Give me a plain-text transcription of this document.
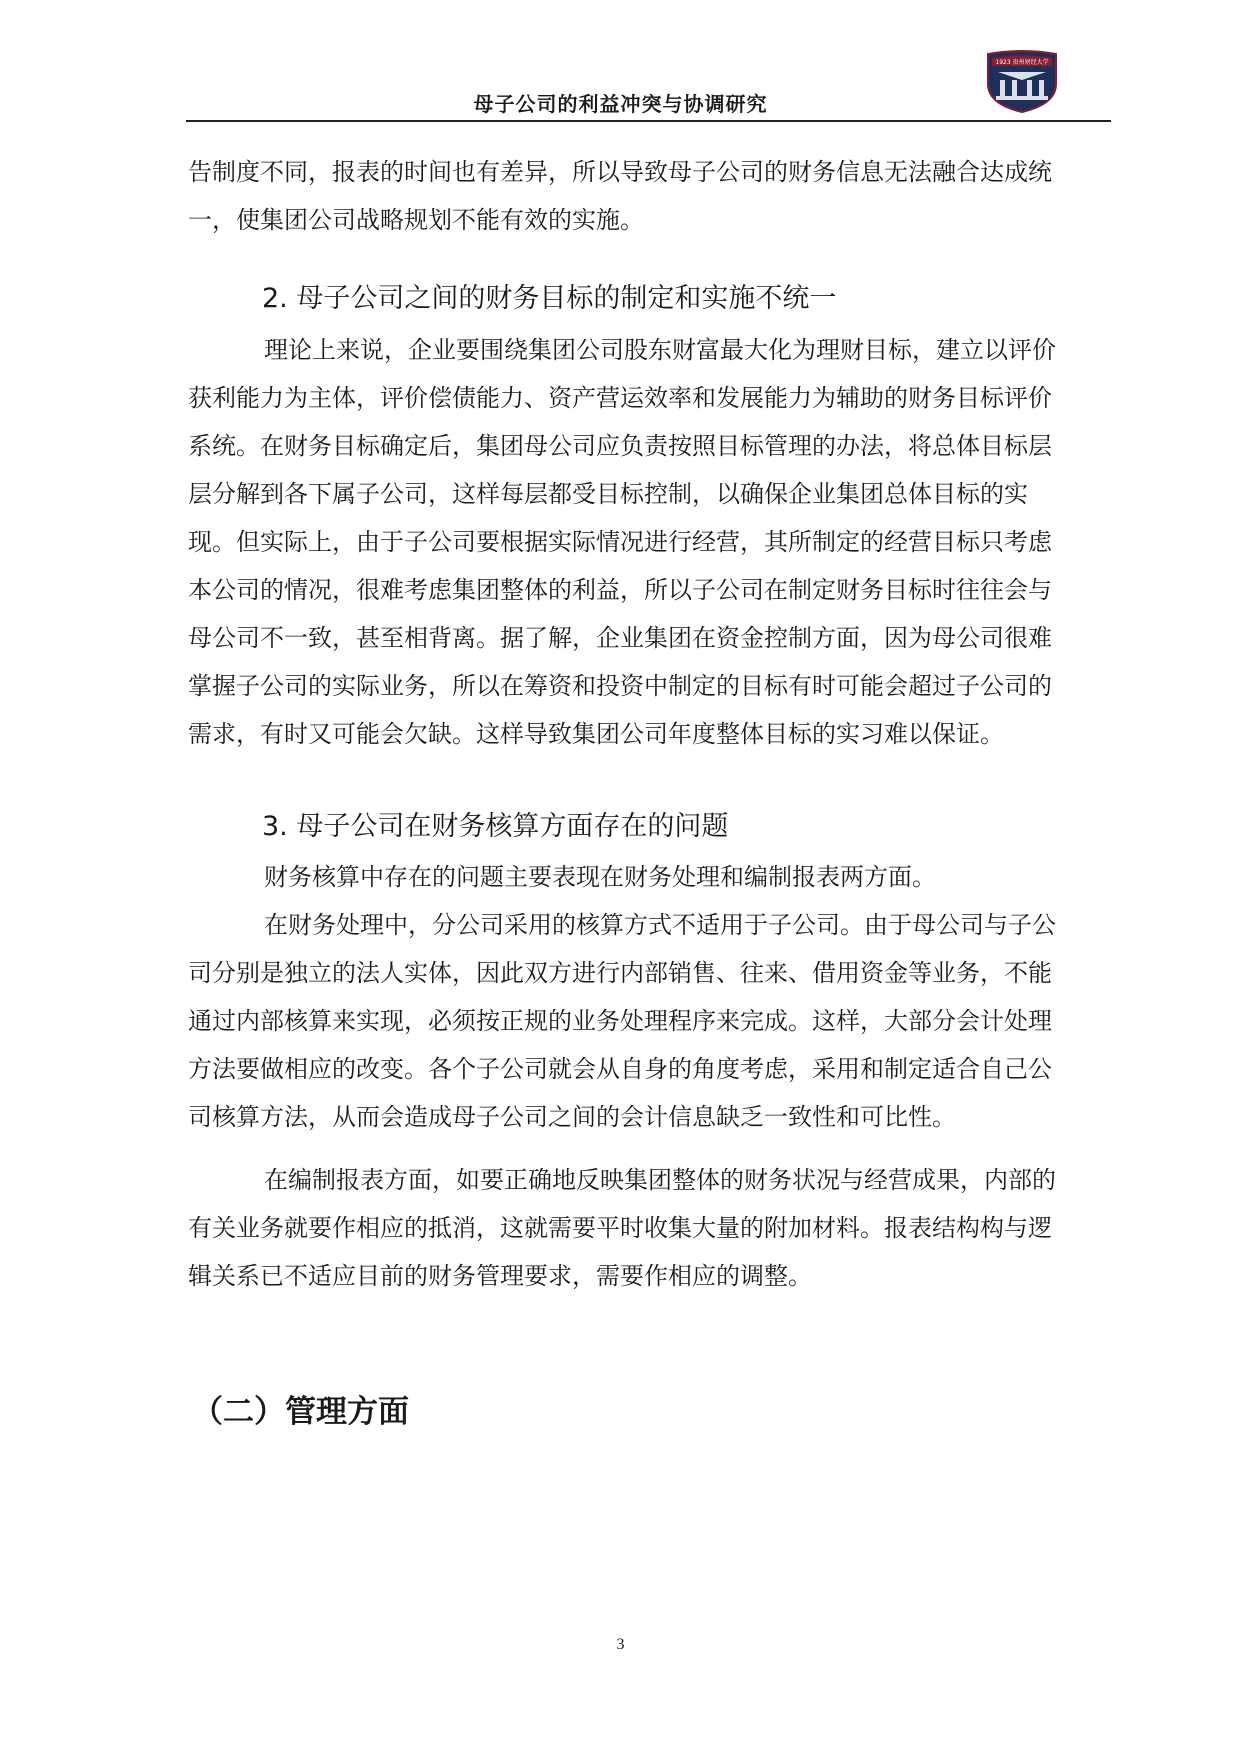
1923 贵州财经大学
母子公司的利益冲突与协调研究

告制度不同，报表的时间也有差异，所以导致母子公司的财务信息无法融合达成统一，使集团公司战略规划不能有效的实施。

2. 母子公司之间的财务目标的制定和实施不统一

理论上来说，企业要围绕集团公司股东财富最大化为理财目标，建立以评价获利能力为主体，评价偿债能力、资产营运效率和发展能力为辅助的财务目标评价系统。在财务目标确定后，集团母公司应负责按照目标管理的办法，将总体目标层层分解到各下属子公司，这样每层都受目标控制，以确保企业集团总体目标的实现。但实际上，由于子公司要根据实际情况进行经营，其所制定的经营目标只考虑本公司的情况，很难考虑集团整体的利益，所以子公司在制定财务目标时往往会与母公司不一致，甚至相背离。据了解，企业集团在资金控制方面，因为母公司很难掌握子公司的实际业务，所以在筹资和投资中制定的目标有时可能会超过子公司的需求，有时又可能会欠缺。这样导致集团公司年度整体目标的实习难以保证。

3. 母子公司在财务核算方面存在的问题

财务核算中存在的问题主要表现在财务处理和编制报表两方面。

在财务处理中，分公司采用的核算方式不适用于子公司。由于母公司与子公司分别是独立的法人实体，因此双方进行内部销售、往来、借用资金等业务，不能通过内部核算来实现，必须按正规的业务处理程序来完成。这样，大部分会计处理方法要做相应的改变。各个子公司就会从自身的角度考虑，采用和制定适合自己公司核算方法，从而会造成母子公司之间的会计信息缺乏一致性和可比性。

在编制报表方面，如要正确地反映集团整体的财务状况与经营成果，内部的有关业务就要作相应的抵消，这就需要平时收集大量的附加材料。报表结构构与逻辑关系已不适应目前的财务管理要求，需要作相应的调整。

（二）管理方面
3
